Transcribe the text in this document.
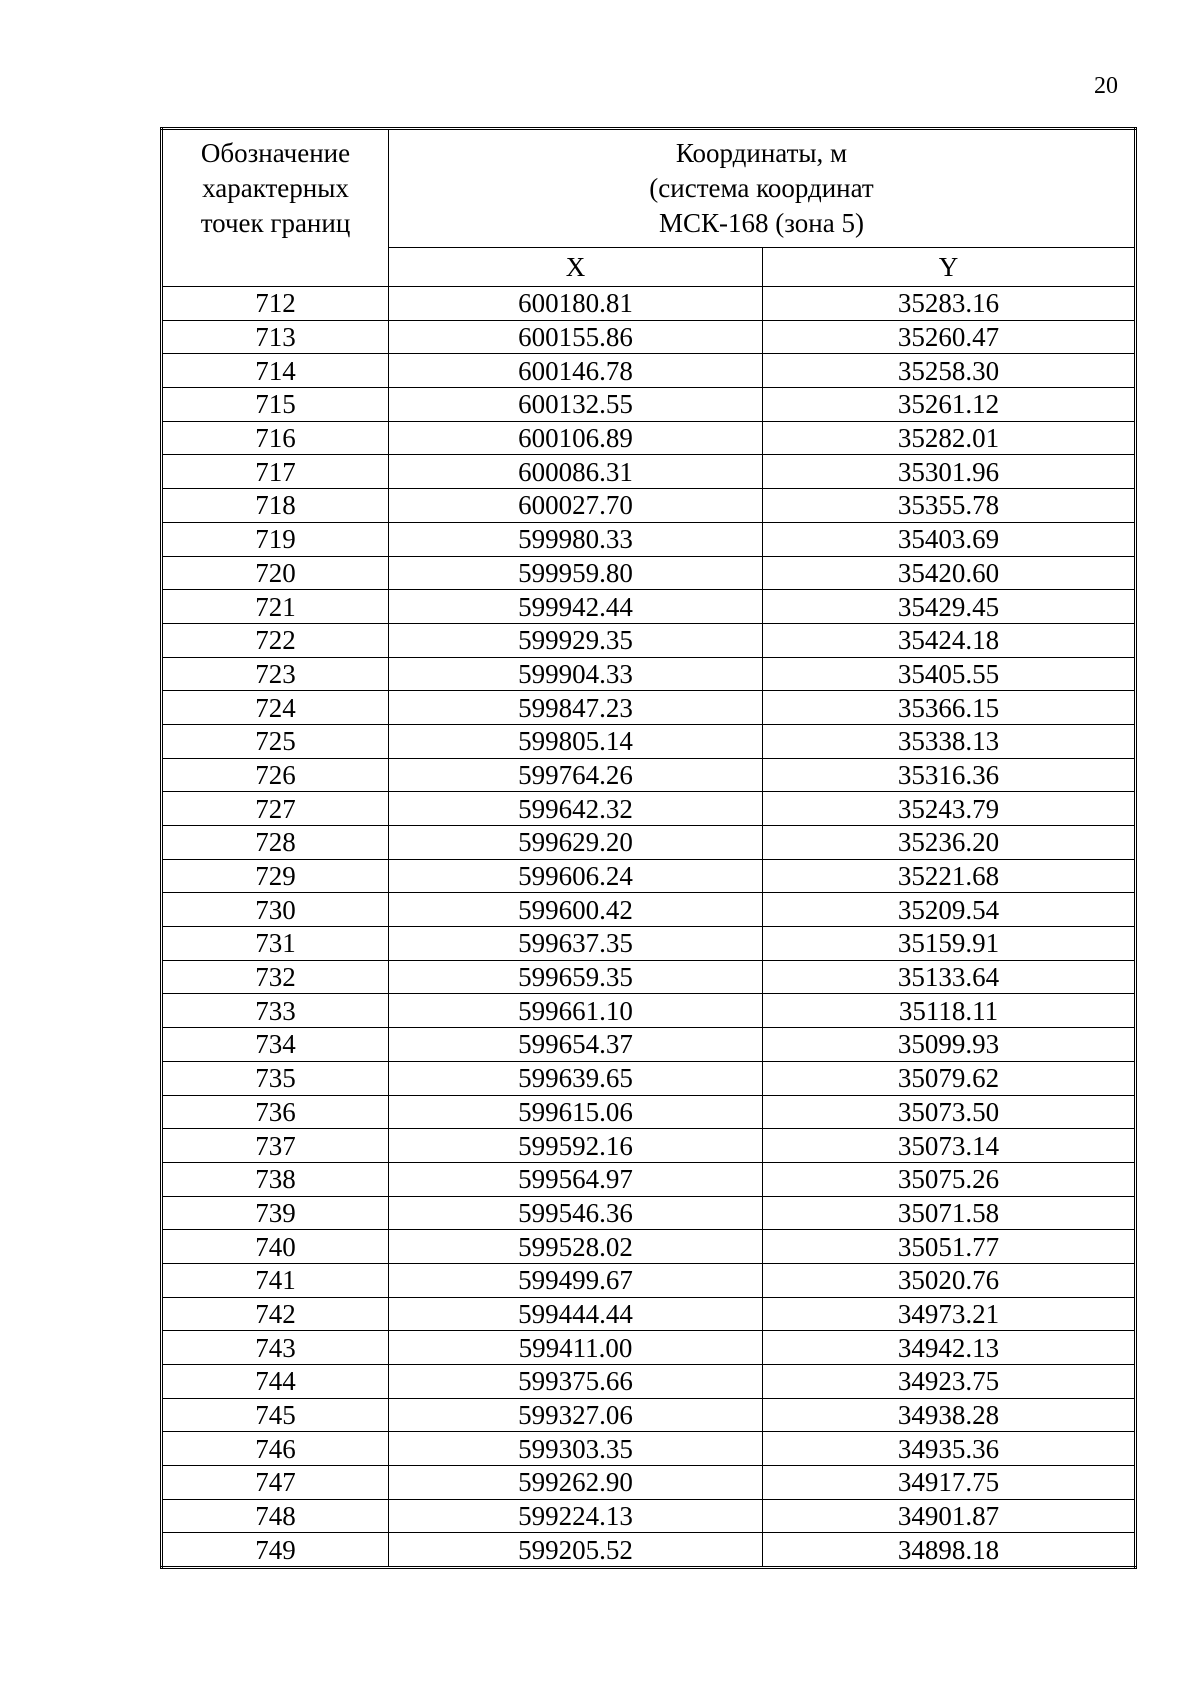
20
Обозначение
характерных
точек границ	Координаты, м
(система координат
МСК-168 (зона 5)	

	X	Y
712	600180.81	35283.16
713	600155.86	35260.47
714	600146.78	35258.30
715	600132.55	35261.12
716	600106.89	35282.01
717	600086.31	35301.96
718	600027.70	35355.78
719	599980.33	35403.69
720	599959.80	35420.60
721	599942.44	35429.45
722	599929.35	35424.18
723	599904.33	35405.55
724	599847.23	35366.15
725	599805.14	35338.13
726	599764.26	35316.36
727	599642.32	35243.79
728	599629.20	35236.20
729	599606.24	35221.68
730	599600.42	35209.54
731	599637.35	35159.91
732	599659.35	35133.64
733	599661.10	35118.11
734	599654.37	35099.93
735	599639.65	35079.62
736	599615.06	35073.50
737	599592.16	35073.14
738	599564.97	35075.26
739	599546.36	35071.58
740	599528.02	35051.77
741	599499.67	35020.76
742	599444.44	34973.21
743	599411.00	34942.13
744	599375.66	34923.75
745	599327.06	34938.28
746	599303.35	34935.36
747	599262.90	34917.75
748	599224.13	34901.87
749	599205.52	34898.18
